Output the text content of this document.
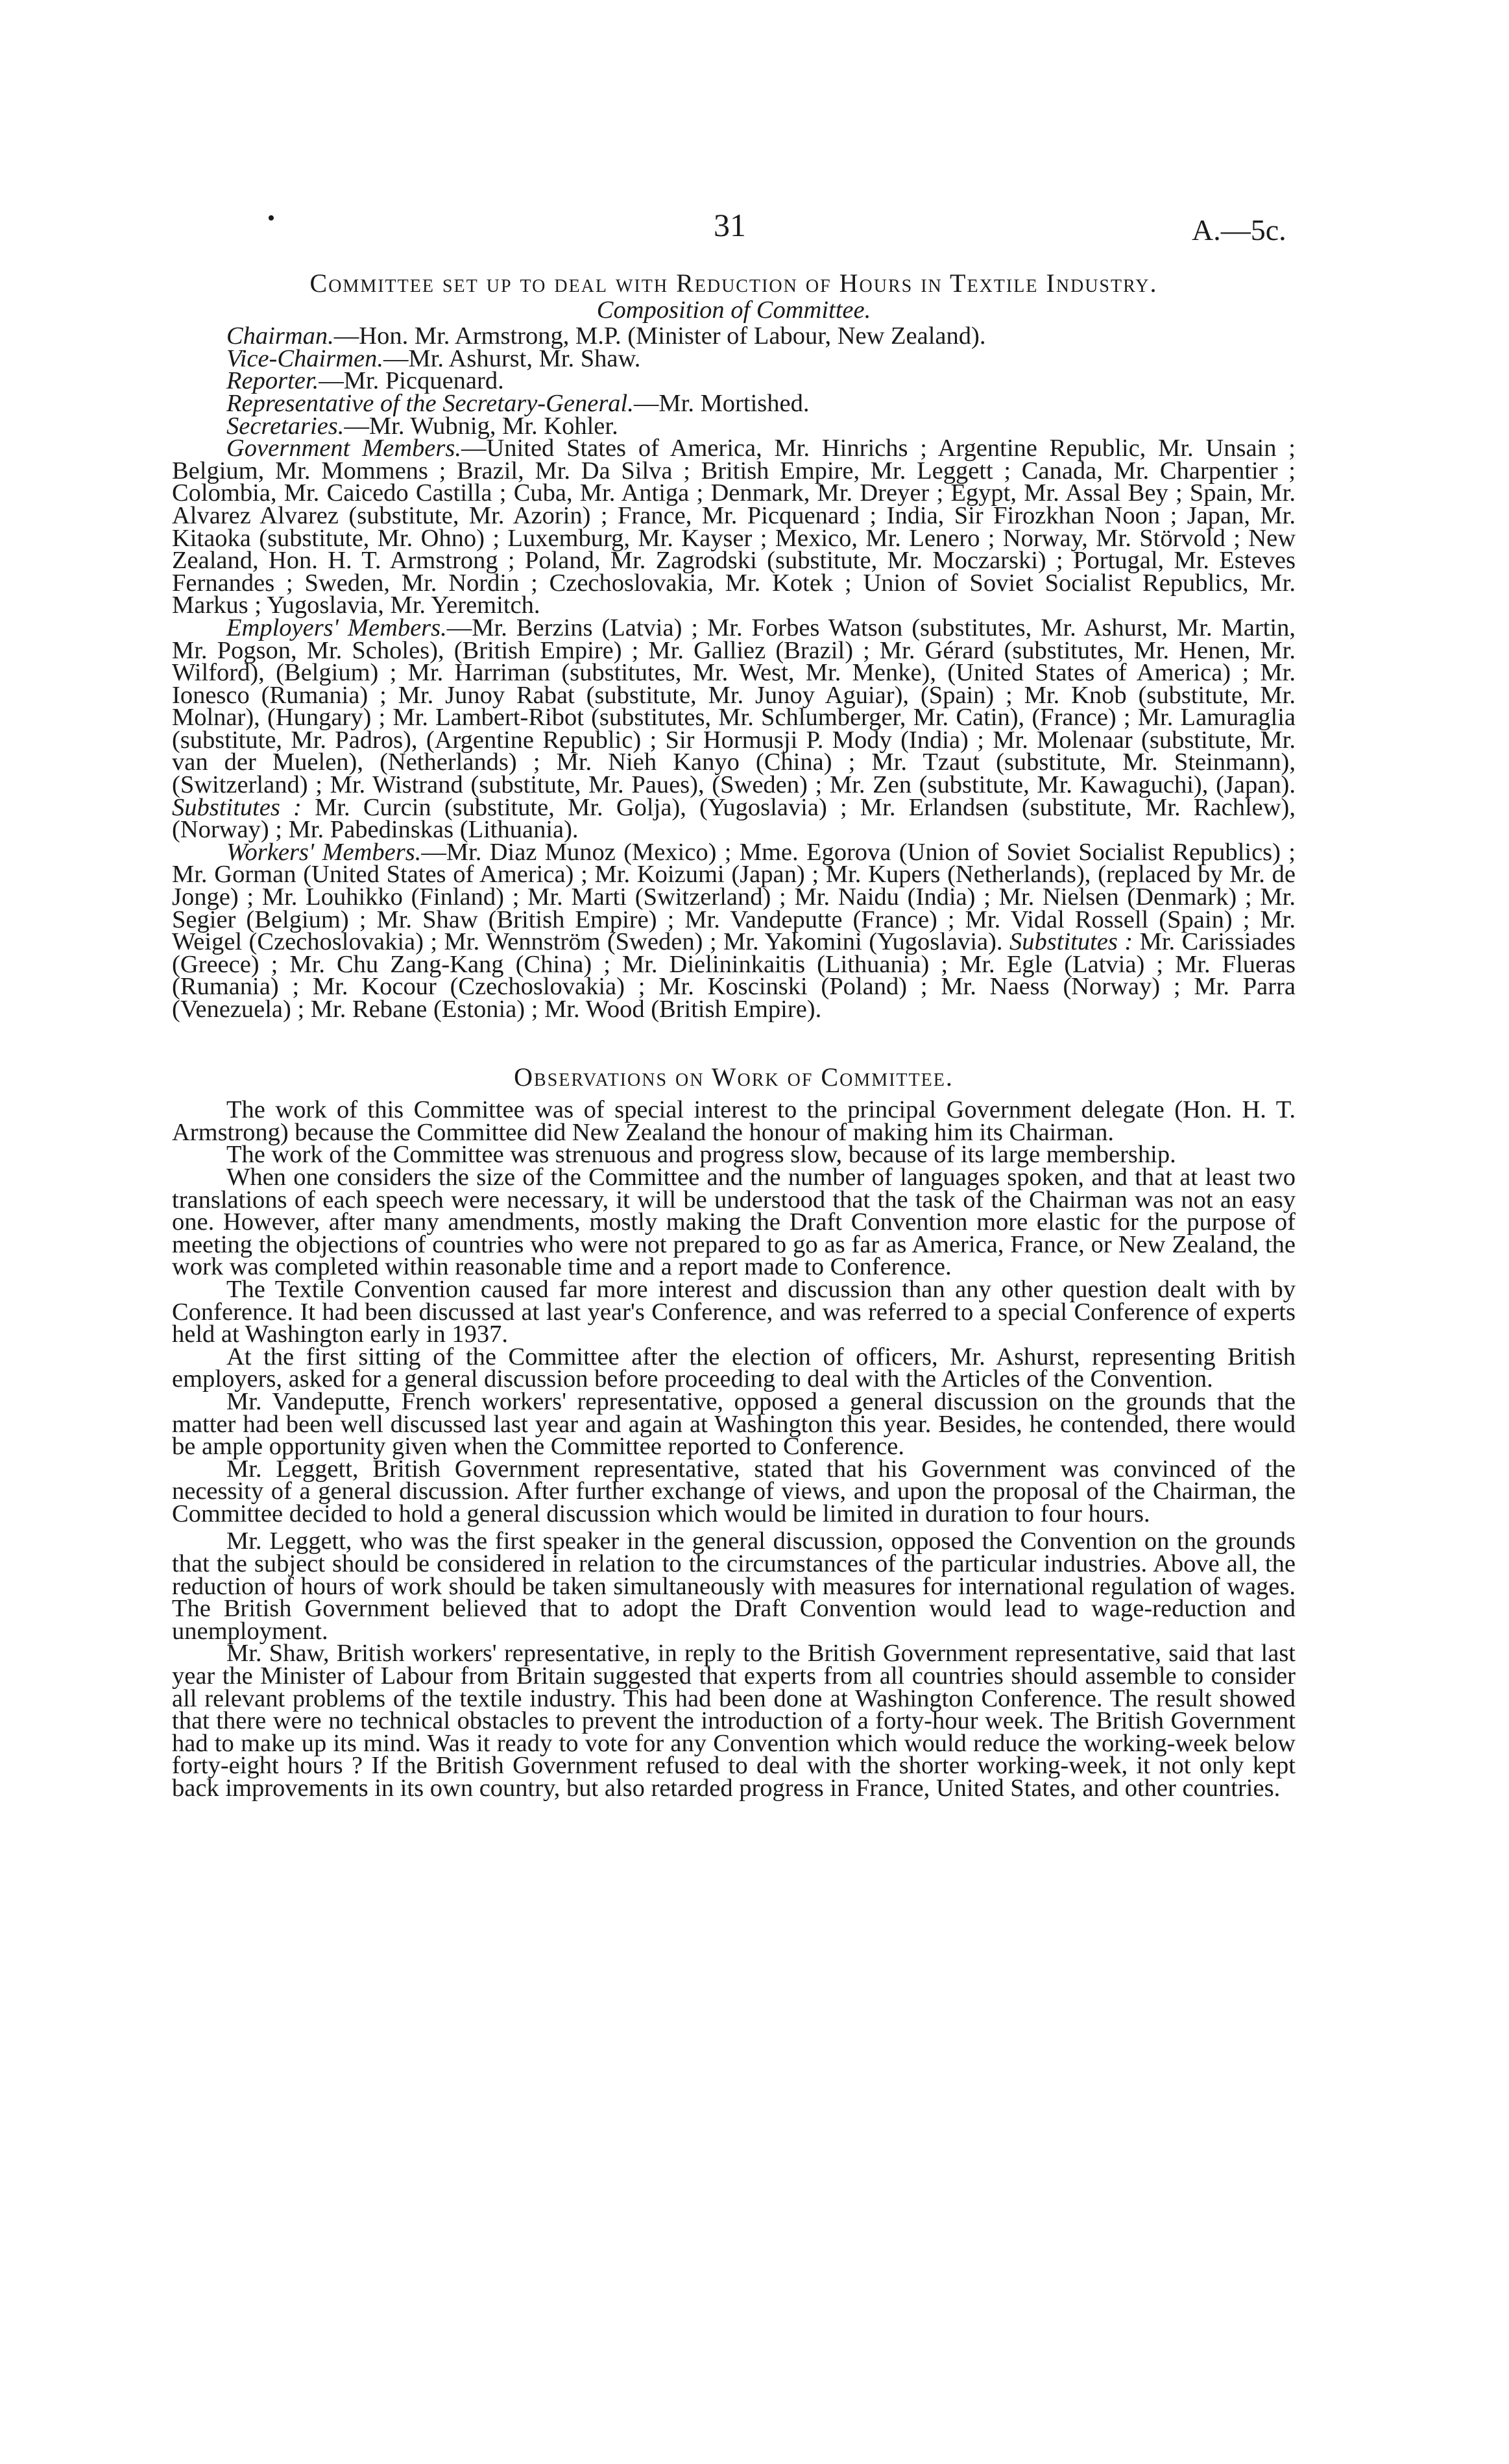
•	31	A.—5c.

Committee set up to deal with Reduction of Hours in Textile Industry.

Composition of Committee.

Chairman.—Hon. Mr. Armstrong, M.P. (Minister of Labour, New Zealand).

Vice-Chairmen.—Mr. Ashurst, Mr. Shaw.

Reporter.—Mr. Picquenard.

Representative of the Secretary-General.—Mr. Mortished.

Secretaries.—Mr. Wubnig, Mr. Kohler.

Government Members.—United States of America, Mr. Hinrichs ; Argentine Republic, Mr. Unsain ; Belgium, Mr. Mommens ; Brazil, Mr. Da Silva ; British Empire, Mr. Leggett ; Canada, Mr. Charpentier ; Colombia, Mr. Caicedo Castilla ; Cuba, Mr. Antiga ; Denmark, Mr. Dreyer ; Egypt, Mr. Assal Bey ; Spain, Mr. Alvarez Alvarez (substitute, Mr. Azorin) ; France, Mr. Picquenard ; India, Sir Firozkhan Noon ; Japan, Mr. Kitaoka (substitute, Mr. Ohno) ; Luxemburg, Mr. Kayser ; Mexico, Mr. Lenero ; Norway, Mr. Störvold ; New Zealand, Hon. H. T. Armstrong ; Poland, Mr. Zagrodski (substitute, Mr. Moczarski) ; Portugal, Mr. Esteves Fernandes ; Sweden, Mr. Nordin ; Czechoslovakia, Mr. Kotek ; Union of Soviet Socialist Republics, Mr. Markus ; Yugoslavia, Mr. Yeremitch.

Employers' Members.—Mr. Berzins (Latvia) ; Mr. Forbes Watson (substitutes, Mr. Ashurst, Mr. Martin, Mr. Pogson, Mr. Scholes), (British Empire) ; Mr. Galliez (Brazil) ; Mr. Gérard (substitutes, Mr. Henen, Mr. Wilford), (Belgium) ; Mr. Harriman (substitutes, Mr. West, Mr. Menke), (United States of America) ; Mr. Ionesco (Rumania) ; Mr. Junoy Rabat (substitute, Mr. Junoy Aguiar), (Spain) ; Mr. Knob (substitute, Mr. Molnar), (Hungary) ; Mr. Lambert-Ribot (substitutes, Mr. Schlumberger, Mr. Catin), (France) ; Mr. Lamuraglia (substitute, Mr. Padros), (Argentine Republic) ; Sir Hormusji P. Mody (India) ; Mr. Molenaar (substitute, Mr. van der Muelen), (Netherlands) ; Mr. Nieh Kanyo (China) ; Mr. Tzaut (substitute, Mr. Steinmann), (Switzerland) ; Mr. Wistrand (substitute, Mr. Paues), (Sweden) ; Mr. Zen (substitute, Mr. Kawaguchi), (Japan). Substitutes : Mr. Curcin (substitute, Mr. Golja), (Yugoslavia) ; Mr. Erlandsen (substitute, Mr. Rachlew), (Norway) ; Mr. Pabedinskas (Lithuania).

Workers' Members.—Mr. Diaz Munoz (Mexico) ; Mme. Egorova (Union of Soviet Socialist Republics) ; Mr. Gorman (United States of America) ; Mr. Koizumi (Japan) ; Mr. Kupers (Netherlands), (replaced by Mr. de Jonge) ; Mr. Louhikko (Finland) ; Mr. Marti (Switzerland) ; Mr. Naidu (India) ; Mr. Nielsen (Denmark) ; Mr. Segier (Belgium) ; Mr. Shaw (British Empire) ; Mr. Vandeputte (France) ; Mr. Vidal Rossell (Spain) ; Mr. Weigel (Czechoslovakia) ; Mr. Wennström (Sweden) ; Mr. Yakomini (Yugoslavia). Substitutes : Mr. Carissiades (Greece) ; Mr. Chu Zang-Kang (China) ; Mr. Dielininkaitis (Lithuania) ; Mr. Egle (Latvia) ; Mr. Flueras (Rumania) ; Mr. Kocour (Czechoslovakia) ; Mr. Koscinski (Poland) ; Mr. Naess (Norway) ; Mr. Parra (Venezuela) ; Mr. Rebane (Estonia) ; Mr. Wood (British Empire).

Observations on Work of Committee.

The work of this Committee was of special interest to the principal Government delegate (Hon. H. T. Armstrong) because the Committee did New Zealand the honour of making him its Chairman.

The work of the Committee was strenuous and progress slow, because of its large membership.

When one considers the size of the Committee and the number of languages spoken, and that at least two translations of each speech were necessary, it will be understood that the task of the Chairman was not an easy one. However, after many amendments, mostly making the Draft Convention more elastic for the purpose of meeting the objections of countries who were not prepared to go as far as America, France, or New Zealand, the work was completed within reasonable time and a report made to Conference.

The Textile Convention caused far more interest and discussion than any other question dealt with by Conference. It had been discussed at last year's Conference, and was referred to a special Conference of experts held at Washington early in 1937.

At the first sitting of the Committee after the election of officers, Mr. Ashurst, representing British employers, asked for a general discussion before proceeding to deal with the Articles of the Convention.

Mr. Vandeputte, French workers' representative, opposed a general discussion on the grounds that the matter had been well discussed last year and again at Washington this year. Besides, he contended, there would be ample opportunity given when the Committee reported to Conference.

Mr. Leggett, British Government representative, stated that his Government was convinced of the necessity of a general discussion. After further exchange of views, and upon the proposal of the Chairman, the Committee decided to hold a general discussion which would be limited in duration to four hours.

Mr. Leggett, who was the first speaker in the general discussion, opposed the Convention on the grounds that the subject should be considered in relation to the circumstances of the particular industries. Above all, the reduction of hours of work should be taken simultaneously with measures for international regulation of wages. The British Government believed that to adopt the Draft Convention would lead to wage-reduction and unemployment.

Mr. Shaw, British workers' representative, in reply to the British Government representative, said that last year the Minister of Labour from Britain suggested that experts from all countries should assemble to consider all relevant problems of the textile industry. This had been done at Washington Conference. The result showed that there were no technical obstacles to prevent the introduction of a forty-hour week. The British Government had to make up its mind. Was it ready to vote for any Convention which would reduce the working-week below forty-eight hours ? If the British Government refused to deal with the shorter working-week, it not only kept back improvements in its own country, but also retarded progress in France, United States, and other countries.
